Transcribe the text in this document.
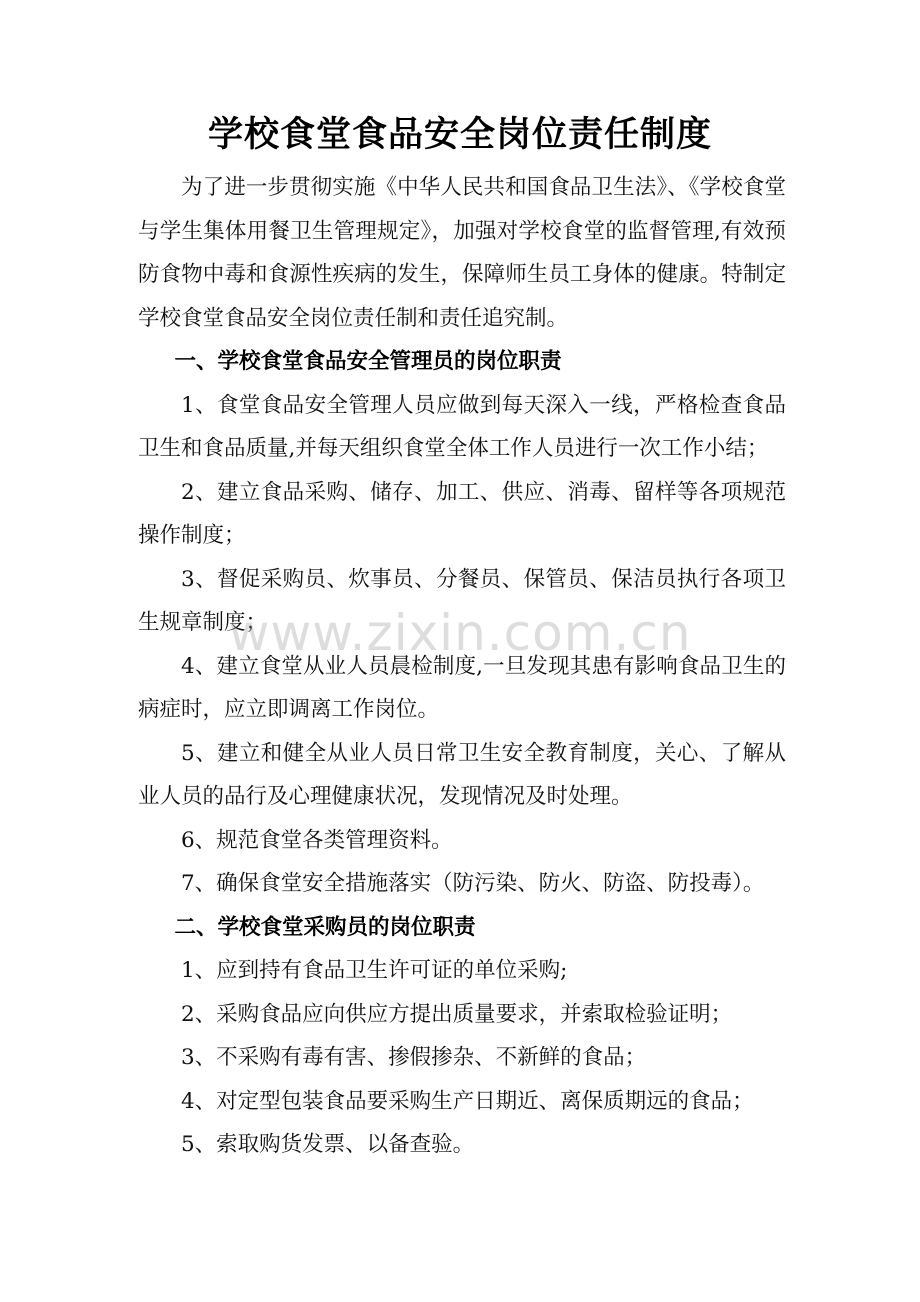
学校食堂食品安全岗位责任制度

为了进一步贯彻实施《中华人民共和国食品卫生法》、《学校食堂与学生集体用餐卫生管理规定》，加强对学校食堂的监督管理,有效预防食物中毒和食源性疾病的发生，保障师生员工身体的健康。特制定学校食堂食品安全岗位责任制和责任追究制。

一、学校食堂食品安全管理员的岗位职责

1、食堂食品安全管理人员应做到每天深入一线，严格检查食品卫生和食品质量,并每天组织食堂全体工作人员进行一次工作小结；

2、建立食品采购、储存、加工、供应、消毒、留样等各项规范操作制度；

3、督促采购员、炊事员、分餐员、保管员、保洁员执行各项卫生规章制度；

4、建立食堂从业人员晨检制度,一旦发现其患有影响食品卫生的病症时，应立即调离工作岗位。

5、建立和健全从业人员日常卫生安全教育制度，关心、了解从业人员的品行及心理健康状况，发现情况及时处理。

6、规范食堂各类管理资料。

7、确保食堂安全措施落实（防污染、防火、防盗、防投毒）。

二、学校食堂采购员的岗位职责

1、应到持有食品卫生许可证的单位采购;

2、采购食品应向供应方提出质量要求，并索取检验证明；

3、不采购有毒有害、掺假掺杂、不新鲜的食品；

4、对定型包装食品要采购生产日期近、离保质期远的食品；

5、索取购货发票、以备查验。

www.zixin.com.cn
